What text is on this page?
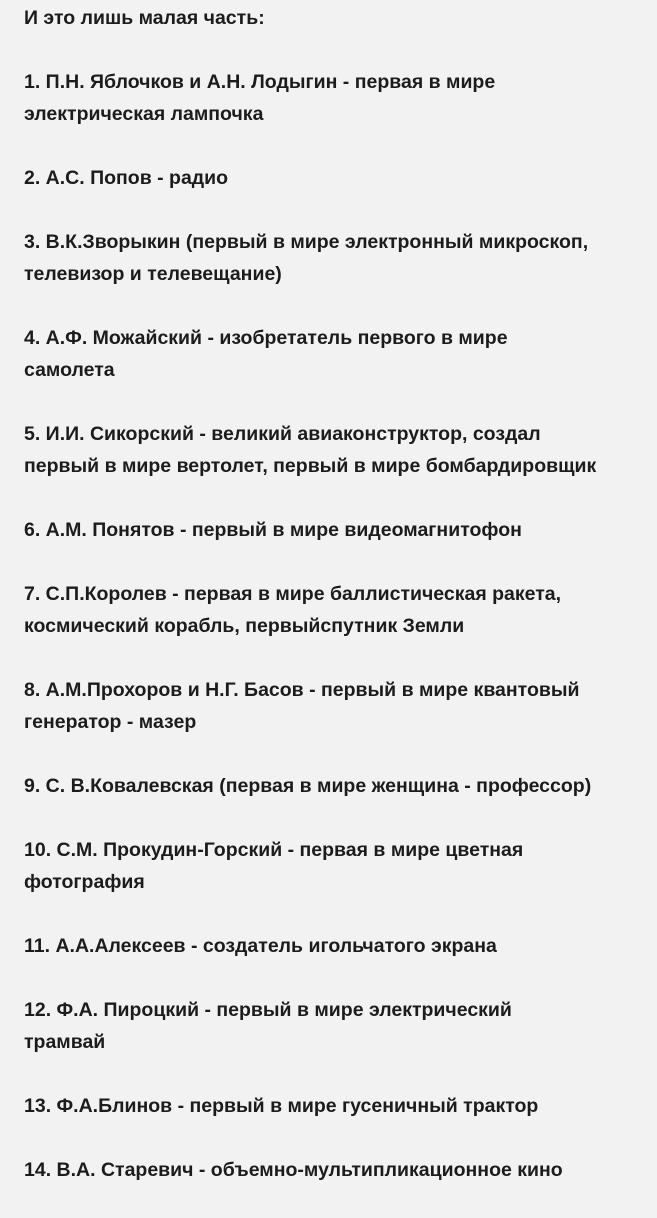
И это лишь малая часть:
1. П.Н. Яблочков и А.Н. Лодыгин - первая в мире
электрическая лампочка
2. А.С. Попов - радио
3. В.К.Зворыкин (первый в мире электронный микроскоп,
телевизор и телевещание)
4. А.Ф. Можайский - изобретатель первого в мире
самолета
5. И.И. Сикорский - великий авиаконструктор, создал
первый в мире вертолет, первый в мире бомбардировщик
6. А.М. Понятов - первый в мире видеомагнитофон
7. С.П.Королев - первая в мире баллистическая ракета,
космический корабль, первыйспутник Земли
8. А.М.Прохоров и Н.Г. Басов - первый в мире квантовый
генератор - мазер
9. С. В.Ковалевская (первая в мире женщина - профессор)
10. С.М. Прокудин-Горский - первая в мире цветная
фотография
11. А.А.Алексеев - создатель игольчатого экрана
12. Ф.А. Пироцкий - первый в мире электрический
трамвай
13. Ф.А.Блинов - первый в мире гусеничный трактор
14. В.А. Старевич - объемно-мультипликационное кино
